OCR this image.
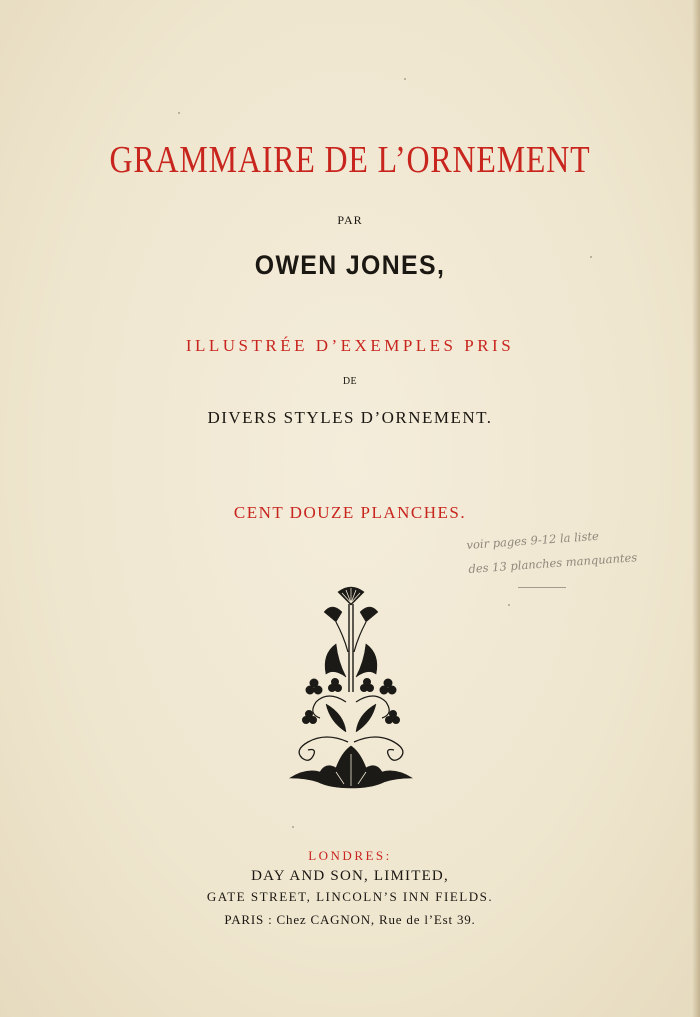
GRAMMAIRE DE L’ORNEMENT
PAR
OWEN JONES,
ILLUSTRÉE D’EXEMPLES PRIS
DE
DIVERS STYLES D’ORNEMENT.
CENT DOUZE PLANCHES.
voir pages 9-12 la liste
des 13 planches manquantes
LONDRES:
DAY AND SON, LIMITED,
GATE STREET, LINCOLN’S INN FIELDS.
PARIS : Chez CAGNON, Rue de l’Est 39.
